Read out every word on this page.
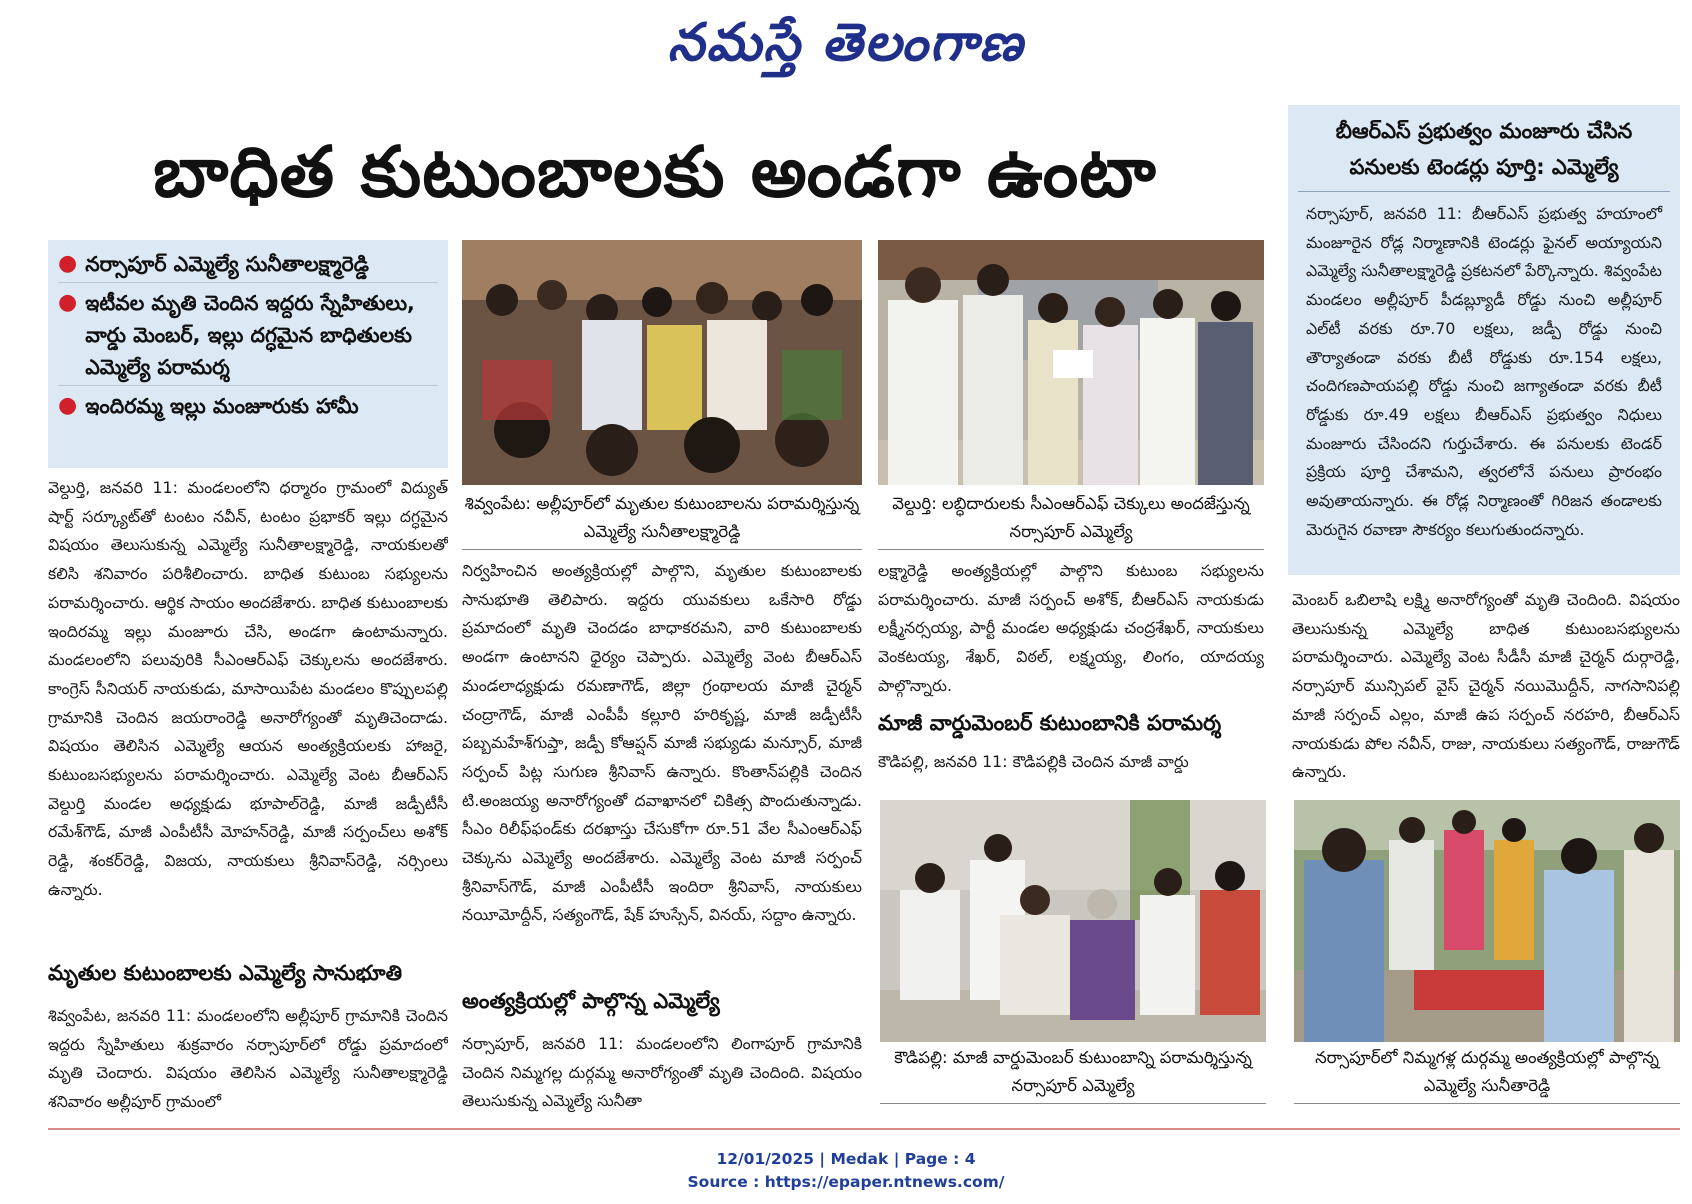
నమస్తే తెలంగాణ
బాధిత కుటుంబాలకు అండగా ఉంటా
● నర్సాపూర్ ఎమ్మెల్యే సునీతాలక్ష్మారెడ్డి
● ఇటీవల మృతి చెందిన ఇద్దరు స్నేహితులు, వార్డు మెంబర్, ఇల్లు దగ్ధమైన బాధితులకు ఎమ్మెల్యే పరామర్శ
● ఇందిరమ్మ ఇల్లు మంజూరుకు హామీ
వెల్దుర్తి, జనవరి 11: మండలంలోని ధర్మారం గ్రామంలో విద్యుత్ షార్ట్ సర్క్యూట్‌తో టంటం నవీన్, టంటం ప్రభాకర్ ఇల్లు దగ్ధమైన విషయం తెలుసుకున్న ఎమ్మెల్యే సునీతాలక్ష్మారెడ్డి, నాయకులతో కలిసి శనివారం పరిశీలించారు. బాధిత కుటుంబ సభ్యులను పరామర్శించారు. ఆర్థిక సాయం అందజేశారు. బాధిత కుటుంబాలకు ఇందిరమ్మ ఇల్లు మంజూరు చేసి, అండగా ఉంటామన్నారు. మండలంలోని పలువురికి సీఎంఆర్ఎఫ్ చెక్కులను అందజేశారు. కాంగ్రెస్ సీనియర్ నాయకుడు, మాసాయిపేట మండలం కొప్పులపల్లి గ్రామానికి చెందిన జయరాంరెడ్డి అనారోగ్యంతో మృతిచెందాడు. విషయం తెలిసిన ఎమ్మెల్యే ఆయన అంత్యక్రియలకు హాజరై, కుటుంబసభ్యులను పరామర్శించారు. ఎమ్మెల్యే వెంట బీఆర్ఎస్ వెల్దుర్తి మండల అధ్యక్షుడు భూపాల్‌రెడ్డి, మాజీ జడ్పీటీసీ రమేశ్‌గౌడ్, మాజీ ఎంపీటీసీ మోహన్‌రెడ్డి, మాజీ సర్పంచ్‌లు అశోక్ రెడ్డి, శంకర్‌రెడ్డి, విజయ, నాయకులు శ్రీనివాస్‌రెడ్డి, నర్సింలు ఉన్నారు.
మృతుల కుటుంబాలకు ఎమ్మెల్యే సానుభూతి
శివ్వంపేట, జనవరి 11: మండలంలోని అల్లీపూర్ గ్రామానికి చెందిన ఇద్దరు స్నేహితులు శుక్రవారం నర్సాపూర్‌లో రోడ్డు ప్రమాదంలో మృతి చెందారు. విషయం తెలిసిన ఎమ్మెల్యే సునీతాలక్ష్మారెడ్డి శనివారం అల్లీపూర్ గ్రామంలో
శివ్వంపేట: అల్లీపూర్‌లో మృతుల కుటుంబాలను పరామర్శిస్తున్న ఎమ్మెల్యే సునీతాలక్ష్మారెడ్డి
నిర్వహించిన అంత్యక్రియల్లో పాల్గొని, మృతుల కుటుంబాలకు సానుభూతి తెలిపారు. ఇద్దరు యువకులు ఒకేసారి రోడ్డు ప్రమాదంలో మృతి చెందడం బాధాకరమని, వారి కుటుంబాలకు అండగా ఉంటానని ధైర్యం చెప్పారు. ఎమ్మెల్యే వెంట బీఆర్ఎస్ మండలాధ్యక్షుడు రమణాగౌడ్, జిల్లా గ్రంథాలయ మాజీ చైర్మన్ చంద్రాగౌడ్, మాజీ ఎంపీపీ కల్లూరి హరికృష్ణ, మాజీ జడ్పీటీసీ పబ్బమహేశ్‌గుప్తా, జడ్పీ కోఆప్షన్ మాజీ సభ్యుడు మన్సూర్, మాజీ సర్పంచ్ పిట్ల సుగుణ శ్రీనివాస్ ఉన్నారు. కొంతాన్‌పల్లికి చెందిన టి.అంజయ్య అనారోగ్యంతో దవాఖానలో చికిత్స పొందుతున్నాడు. సీఎం రిలీఫ్‌ఫండ్‌కు దరఖాస్తు చేసుకోగా రూ.51 వేల సీఎంఆర్ఎఫ్ చెక్కును ఎమ్మెల్యే అందజేశారు. ఎమ్మెల్యే వెంట మాజీ సర్పంచ్ శ్రీనివాస్‌గౌడ్, మాజీ ఎంపీటీసీ ఇందిరా శ్రీనివాస్, నాయకులు నయీమోద్దీన్, సత్యంగౌడ్, షేక్ హుస్సేన్, వినయ్, సద్దాం ఉన్నారు.
అంత్యక్రియల్లో పాల్గొన్న ఎమ్మెల్యే
నర్సాపూర్, జనవరి 11: మండలంలోని లింగాపూర్ గ్రామానికి చెందిన నిమ్మగల్ల దుర్గమ్మ అనారోగ్యంతో మృతి చెందింది. విషయం తెలుసుకున్న ఎమ్మెల్యే సునీతా
వెల్దుర్తి: లబ్ధిదారులకు సీఎంఆర్ఎఫ్ చెక్కులు అందజేస్తున్న నర్సాపూర్ ఎమ్మెల్యే
లక్ష్మారెడ్డి అంత్యక్రియల్లో పాల్గొని కుటుంబ సభ్యులను పరామర్శించారు. మాజీ సర్పంచ్ అశోక్, బీఆర్ఎస్ నాయకుడు లక్ష్మీనర్సయ్య, పార్టీ మండల అధ్యక్షుడు చంద్రశేఖర్, నాయకులు వెంకటయ్య, శేఖర్, విఠల్, లక్ష్మయ్య, లింగం, యాదయ్య పాల్గొన్నారు.
మాజీ వార్డుమెంబర్ కుటుంబానికి పరామర్శ
కౌడిపల్లి, జనవరి 11: కౌడిపల్లికి చెందిన మాజీ వార్డు
కౌడిపల్లి: మాజీ వార్డుమెంబర్ కుటుంబాన్ని పరామర్శిస్తున్న నర్సాపూర్ ఎమ్మెల్యే
బీఆర్ఎస్ ప్రభుత్వం మంజూరు చేసిన పనులకు టెండర్లు పూర్తి: ఎమ్మెల్యే
నర్సాపూర్, జనవరి 11: బీఆర్ఎస్ ప్రభుత్వ హయాంలో మంజూరైన రోడ్ల నిర్మాణానికి టెండర్లు ఫైనల్ అయ్యాయని ఎమ్మెల్యే సునీతాలక్ష్మారెడ్డి ప్రకటనలో పేర్కొన్నారు. శివ్వంపేట మండలం అల్లీపూర్ పీడబ్ల్యూడీ రోడ్డు నుంచి అల్లీపూర్ ఎల్‌టీ వరకు రూ.70 లక్షలు, జడ్పీ రోడ్డు నుంచి తౌర్యాతండా వరకు బీటీ రోడ్డుకు రూ.154 లక్షలు, చందిగణపాయపల్లి రోడ్డు నుంచి జగ్యాతండా వరకు బీటీ రోడ్డుకు రూ.49 లక్షలు బీఆర్ఎస్ ప్రభుత్వం నిధులు మంజూరు చేసిందని గుర్తుచేశారు. ఈ పనులకు టెండర్ ప్రక్రియ పూర్తి చేశామని, త్వరలోనే పనులు ప్రారంభం అవుతాయన్నారు. ఈ రోడ్ల నిర్మాణంతో గిరిజన తండాలకు మెరుగైన రవాణా సౌకర్యం కలుగుతుందన్నారు.
మెంబర్ ఒబిలాషి లక్ష్మి అనారోగ్యంతో మృతి చెందింది. విషయం తెలుసుకున్న ఎమ్మెల్యే బాధిత కుటుంబసభ్యులను పరామర్శించారు. ఎమ్మెల్యే వెంట సీడీసీ మాజీ చైర్మన్ దుర్గారెడ్డి, నర్సాపూర్ మున్సిపల్ వైస్ చైర్మన్ నయిమొద్దీన్, నాగసానిపల్లి మాజీ సర్పంచ్ ఎల్లం, మాజీ ఉప సర్పంచ్ నరహరి, బీఆర్ఎస్ నాయకుడు పోల నవీన్, రాజు, నాయకులు సత్యంగౌడ్, రాజుగౌడ్ ఉన్నారు.
నర్సాపూర్‌లో నిమ్మగళ్ల దుర్గమ్మ అంత్యక్రియల్లో పాల్గొన్న ఎమ్మెల్యే సునీతారెడ్డి
12/01/2025 | Medak | Page : 4
Source : https://epaper.ntnews.com/
